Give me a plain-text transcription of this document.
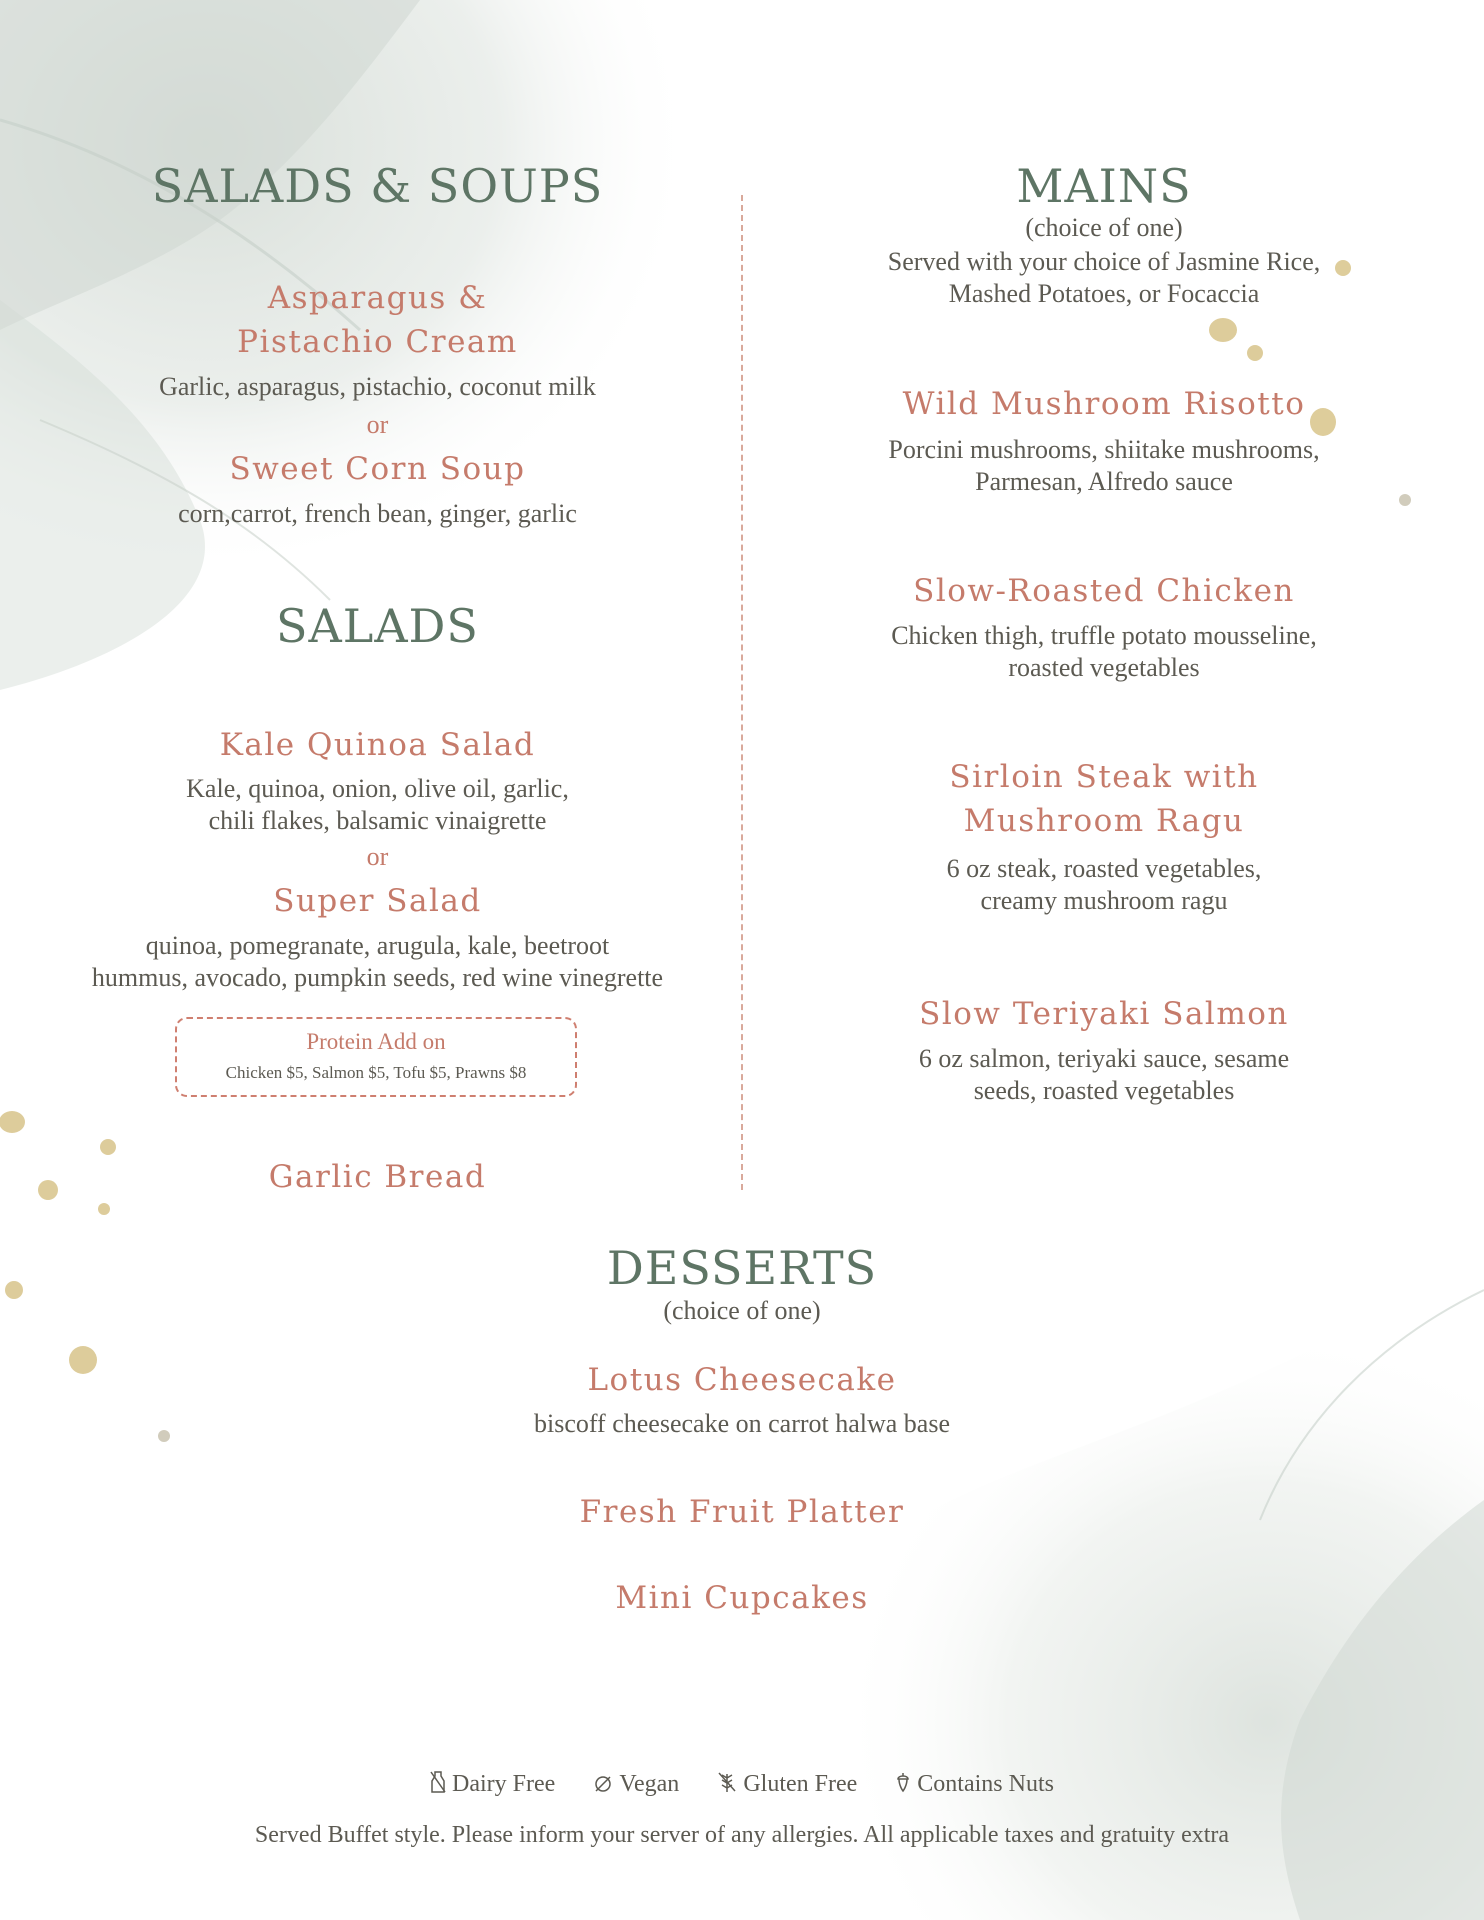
SALADS & SOUPS
Asparagus &
Pistachio Cream
Garlic, asparagus, pistachio, coconut milk
or
Sweet Corn Soup
corn,carrot, french bean, ginger, garlic
SALADS
Kale Quinoa Salad
Kale, quinoa, onion, olive oil, garlic,
chili flakes, balsamic vinaigrette
or
Super Salad
quinoa, pomegranate, arugula, kale, beetroot
hummus, avocado, pumpkin seeds, red wine vinegrette
Protein Add on
Chicken $5, Salmon $5, Tofu $5, Prawns $8
Garlic Bread
MAINS
(choice of one)
Served with your choice of Jasmine Rice,
Mashed Potatoes, or Focaccia
Wild Mushroom Risotto
Porcini mushrooms, shiitake mushrooms,
Parmesan, Alfredo sauce
Slow-Roasted Chicken
Chicken thigh, truffle potato mousseline,
roasted vegetables
Sirloin Steak with
Mushroom Ragu
6 oz steak, roasted vegetables,
creamy mushroom ragu
Slow Teriyaki Salmon
6 oz salmon, teriyaki sauce, sesame
seeds, roasted vegetables
DESSERTS
(choice of one)
Lotus Cheesecake
biscoff cheesecake on carrot halwa base
Fresh Fruit Platter
Mini Cupcakes
Dairy Free	Vegan	Gluten Free	Contains Nuts
Served Buffet style. Please inform your server of any allergies. All applicable taxes and gratuity extra
